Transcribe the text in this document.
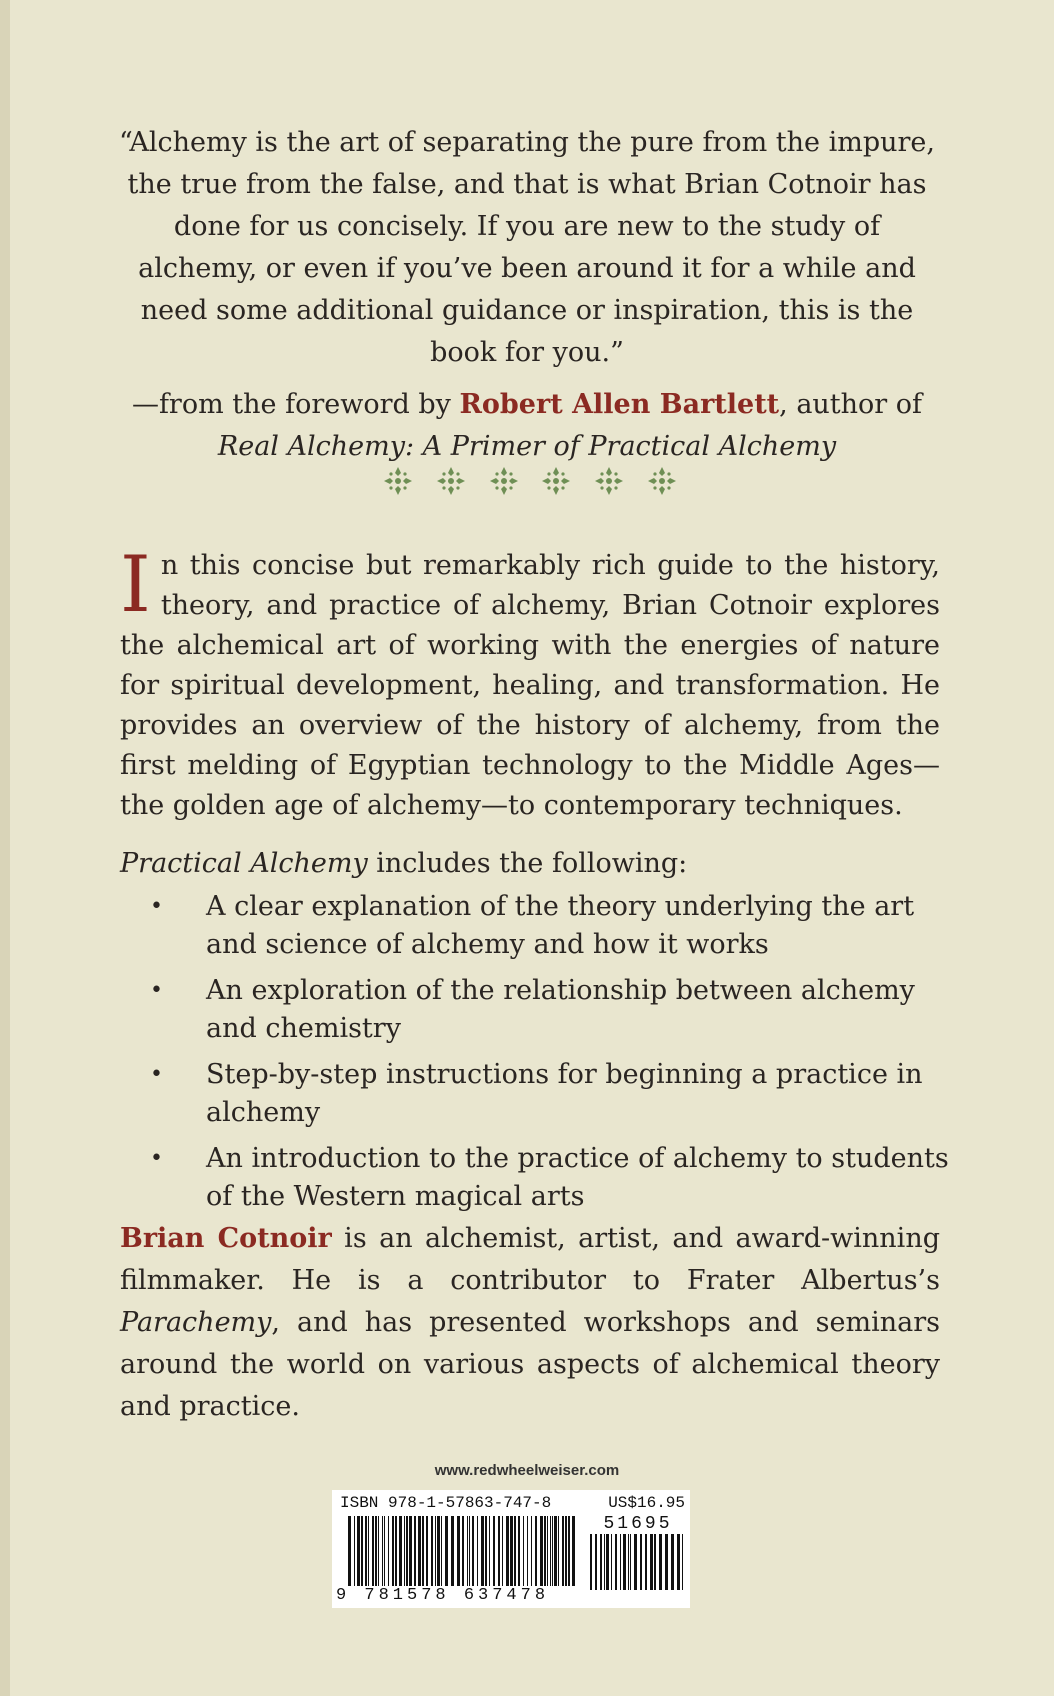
“Alchemy is the art of separating the pure from the impure, the true from the false, and that is what Brian Cotnoir has done for us concisely. If you are new to the study of alchemy, or even if you’ve been around it for a while and need some additional guidance or inspiration, this is the book for you.”

—from the foreword by Robert Allen Bartlett, author of
Real Alchemy: A Primer of Practical Alchemy

In this concise but remarkably rich guide to the history, theory, and practice of alchemy, Brian Cotnoir explores the alchemical art of working with the energies of nature for spiritual development, healing, and transformation. He provides an overview of the history of alchemy, from the first melding of Egyptian technology to the Middle Ages—the golden age of alchemy—to contemporary techniques.

Practical Alchemy includes the following:
•	A clear explanation of the theory underlying the art and science of alchemy and how it works
•	An exploration of the relationship between alchemy and chemistry
•	Step-by-step instructions for beginning a practice in alchemy
•	An introduction to the practice of alchemy to students of the Western magical arts
Brian Cotnoir is an alchemist, artist, and award-winning filmmaker. He is a contributor to Frater Albertus’s Parachemy, and has presented workshops and seminars around the world on various aspects of alchemical theory and practice.
www.redwheelweiser.com
ISBN 978-1-57863-747-8	US$16.95
51695
9 781578 637478
